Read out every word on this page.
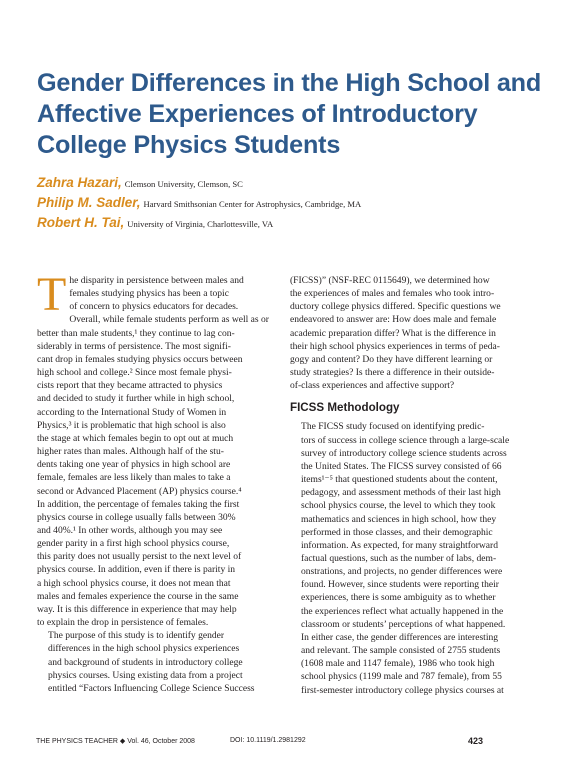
Gender Differences in the High School and Affective Experiences of Introductory College Physics Students
Zahra Hazari, Clemson University, Clemson, SC
Philip M. Sadler, Harvard Smithsonian Center for Astrophysics, Cambridge, MA
Robert H. Tai, University of Virginia, Charlottesville, VA

T he disparity in persistence between males and
females studying physics has been a topic
of concern to physics educators for decades.
Overall, while female students perform as well as or
better than male students,¹ they continue to lag con-
siderably in terms of persistence. The most signifi-
cant drop in females studying physics occurs between
high school and college.² Since most female physi-
cists report that they became attracted to physics
and decided to study it further while in high school,
according to the International Study of Women in
Physics,³ it is problematic that high school is also
the stage at which females begin to opt out at much
higher rates than males. Although half of the stu-
dents taking one year of physics in high school are
female, females are less likely than males to take a
second or Advanced Placement (AP) physics course.⁴
In addition, the percentage of females taking the first
physics course in college usually falls between 30%
and 40%.¹ In other words, although you may see
gender parity in a first high school physics course,
this parity does not usually persist to the next level of
physics course. In addition, even if there is parity in
a high school physics course, it does not mean that
males and females experience the course in the same
way. It is this difference in experience that may help
to explain the drop in persistence of females.

The purpose of this study is to identify gender
differences in the high school physics experiences
and background of students in introductory college
physics courses. Using existing data from a project
entitled “Factors Influencing College Science Success

(FICSS)” (NSF-REC 0115649), we determined how
the experiences of males and females who took intro-
ductory college physics differed. Specific questions we
endeavored to answer are: How does male and female
academic preparation differ? What is the difference in
their high school physics experiences in terms of peda-
gogy and content? Do they have different learning or
study strategies? Is there a difference in their outside-
of-class experiences and affective support?

FICSS Methodology

The FICSS study focused on identifying predic-
tors of success in college science through a large-scale
survey of introductory college science students across
the United States. The FICSS survey consisted of 66
items¹⁻⁵ that questioned students about the content,
pedagogy, and assessment methods of their last high
school physics course, the level to which they took
mathematics and sciences in high school, how they
performed in those classes, and their demographic
information. As expected, for many straightforward
factual questions, such as the number of labs, dem-
onstrations, and projects, no gender differences were
found. However, since students were reporting their
experiences, there is some ambiguity as to whether
the experiences reflect what actually happened in the
classroom or students’ perceptions of what happened.
In either case, the gender differences are interesting
and relevant. The sample consisted of 2755 students
(1608 male and 1147 female), 1986 who took high
school physics (1199 male and 787 female), from 55
first-semester introductory college physics courses at

THE PHYSICS TEACHER ◆ Vol. 46, October 2008	DOI: 10.1119/1.2981292	423
